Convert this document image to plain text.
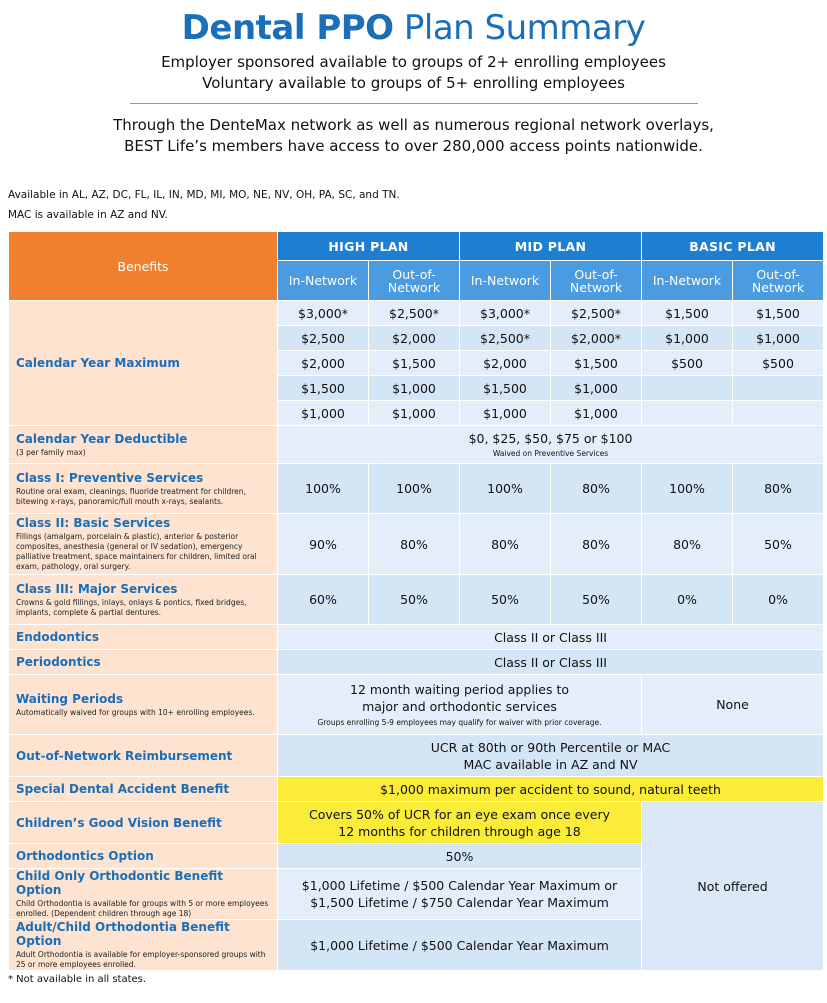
Dental PPO Plan Summary
Employer sponsored available to groups of 2+ enrolling employees
Voluntary available to groups of 5+ enrolling employees
Through the DenteMax network as well as numerous regional network overlays,
BEST Life’s members have access to over 280,000 access points nationwide.
Available in AL, AZ, DC, FL, IL, IN, MD, MI, MO, NE, NV, OH, PA, SC, and TN.
MAC is available in AZ and NV.
Benefits	HIGH PLAN		MID PLAN		BASIC PLAN	
	In-Network	Out-of-Network	In-Network	Out-of-Network	In-Network	Out-of-Network

Calendar Year Maximum	$3,000*	$2,500*	$3,000*	$2,500*	$1,500	$1,500
	$2,500	$2,000	$2,500*	$2,000*	$1,000	$1,000
	$2,000	$1,500	$2,000	$1,500	$500	$500
	$1,500	$1,000	$1,500	$1,000		
	$1,000	$1,000	$1,000	$1,000		

Calendar Year Deductible
(3 per family max)	$0, $25, $50, $75 or $100
Waived on Preventive Services					

Class I: Preventive Services
Routine oral exam, cleanings, fluoride treatment for children, bitewing x-rays, panoramic/full mouth x-rays, sealants.	100%	100%	100%	80%	100%	80%

Class II: Basic Services
Fillings (amalgam, porcelain & plastic), anterior & posterior composites, anesthesia (general or IV sedation), emergency palliative treatment, space maintainers for children, limited oral exam, pathology, oral surgery.	90%	80%	80%	80%	80%	50%

Class III: Major Services
Crowns & gold fillings, inlays, onlays & pontics, fixed bridges, implants, complete & partial dentures.	60%	50%	50%	50%	0%	0%

Endodontics	Class II or Class III					

Periodontics	Class II or Class III					

Waiting Periods
Automatically waived for groups with 10+ enrolling employees.	12 month waiting period applies to
major and orthodontic services
Groups enrolling 5-9 employees may qualify for waiver with prior coverage.				None	

Out-of-Network Reimbursement	UCR at 80th or 90th Percentile or MAC
MAC available in AZ and NV					

Special Dental Accident Benefit	$1,000 maximum per accident to sound, natural teeth					

Children’s Good Vision Benefit	Covers 50% of UCR for an eye exam once every
12 months for children through age 18				Not offered	

Orthodontics Option	50%					

Child Only Orthodontic Benefit Option
Child Orthodontia is available for groups with 5 or more employees enrolled. (Dependent children through age 18)	$1,000 Lifetime / $500 Calendar Year Maximum or
$1,500 Lifetime / $750 Calendar Year Maximum					

Adult/Child Orthodontia Benefit Option
Adult Orthodontia is available for employer-sponsored groups with 25 or more employees enrolled.	$1,000 Lifetime / $500 Calendar Year Maximum					
* Not available in all states.
